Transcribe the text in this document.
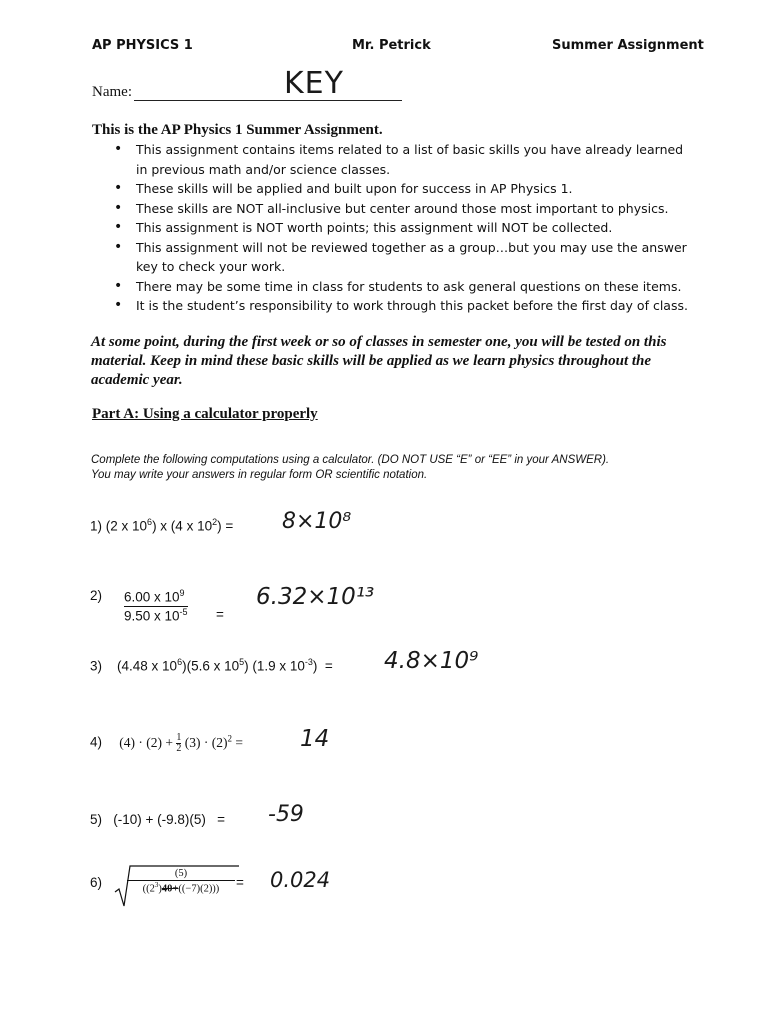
AP PHYSICS 1	Mr. Petrick	Summer Assignment
Name:	KEY
This is the AP Physics 1 Summer Assignment.
• This assignment contains items related to a list of basic skills you have already learned in previous math and/or science classes.
• These skills will be applied and built upon for success in AP Physics 1.
• These skills are NOT all-inclusive but center around those most important to physics.
• This assignment is NOT worth points; this assignment will NOT be collected.
• This assignment will not be reviewed together as a group…but you may use the answer key to check your work.
• There may be some time in class for students to ask general questions on these items.
• It is the student’s responsibility to work through this packet before the first day of class.
At some point, during the first week or so of classes in semester one, you will be tested on this material. Keep in mind these basic skills will be applied as we learn physics throughout the academic year.
Part A: Using a calculator properly
Complete the following computations using a calculator. (DO NOT USE “E” or “EE” in your ANSWER).
You may write your answers in regular form OR scientific notation.
1) (2 x $10^6$) x (4 x $10^2) = 8\times 10^8$
$2) \frac{6.00 x 10^9}{9.50 x 10^{-5}}$ =
6.32×10¹³
3)    (4.48 x $10^6)(5.6$ x $10^5$) (1.9 x $10^{-3}) = 4.8\times 10^9$
4)     $(4) \cdot (2) + \frac{1}{2} (3) \cdot (2)^2 = 14$
5)   (-10) + (-9.8)(5)   = -59
6)
(5)
$((2^3)40+((-7)(2)))$	= 0.024
